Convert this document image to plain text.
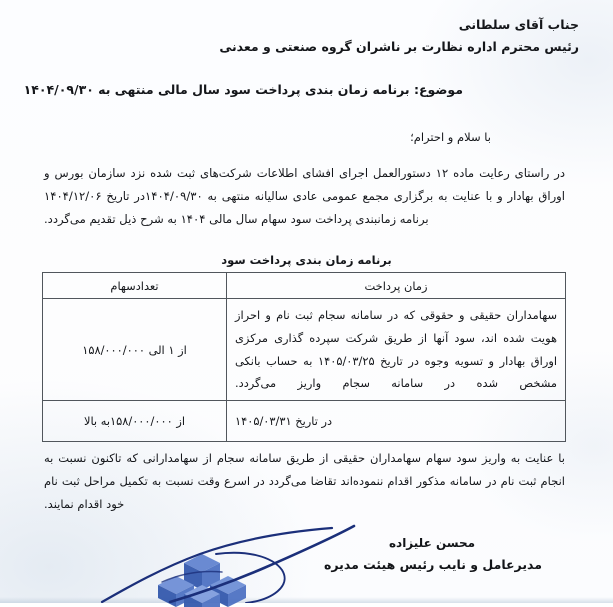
جناب آقای سلطانی
رئیس محترم اداره نظارت بر ناشران گروه صنعتی و معدنی
موضوع: برنامه زمان بندی پرداخت سود سال مالی منتهی به ۱۴۰۴/۰۹/۳۰
با سلام و احترام؛
در راستای رعایت ماده ۱۲ دستورالعمل اجرای افشای اطلاعات شرکت‌های ثبت شده نزد سازمان بورس و اوراق بهادار و با عنایت به برگزاری مجمع عمومی عادی سالیانه منتهی به ۱۴۰۴/۰۹/۳۰در تاریخ ۱۴۰۴/۱۲/۰۶ برنامه زمانبندی پرداخت سود سهام سال مالی ۱۴۰۴ به شرح ذیل تقدیم می‌گردد.
برنامه زمان بندی پرداخت سود
زمان پرداخت	تعدادسهام
سهامداران حقیقی و حقوقی که در سامانه سجام ثبت نام و احراز هویت شده اند، سود آنها از طریق شرکت سپرده گذاری مرکزی اوراق بهادار و تسویه وجوه در تاریخ ۱۴۰۵/۰۳/۲۵ به حساب بانکی مشخص شده در سامانه سجام واریز می‌گردد.	از ۱ الی ۱۵۸/۰۰۰/۰۰۰
در تاریخ ۱۴۰۵/۰۳/۳۱	از ۱۵۸/۰۰۰/۰۰۰به بالا
با عنایت به واریز سود سهام سهامداران حقیقی از طریق سامانه سجام از سهامدارانی که تاکنون نسبت به انجام ثبت نام در سامانه مذکور اقدام ننموده‌اند تقاضا می‌گردد در اسرع وقت نسبت به تکمیل مراحل ثبت نام خود اقدام نمایند.
محسن علیزاده
مدیرعامل و نایب رئیس هیئت مدیره
